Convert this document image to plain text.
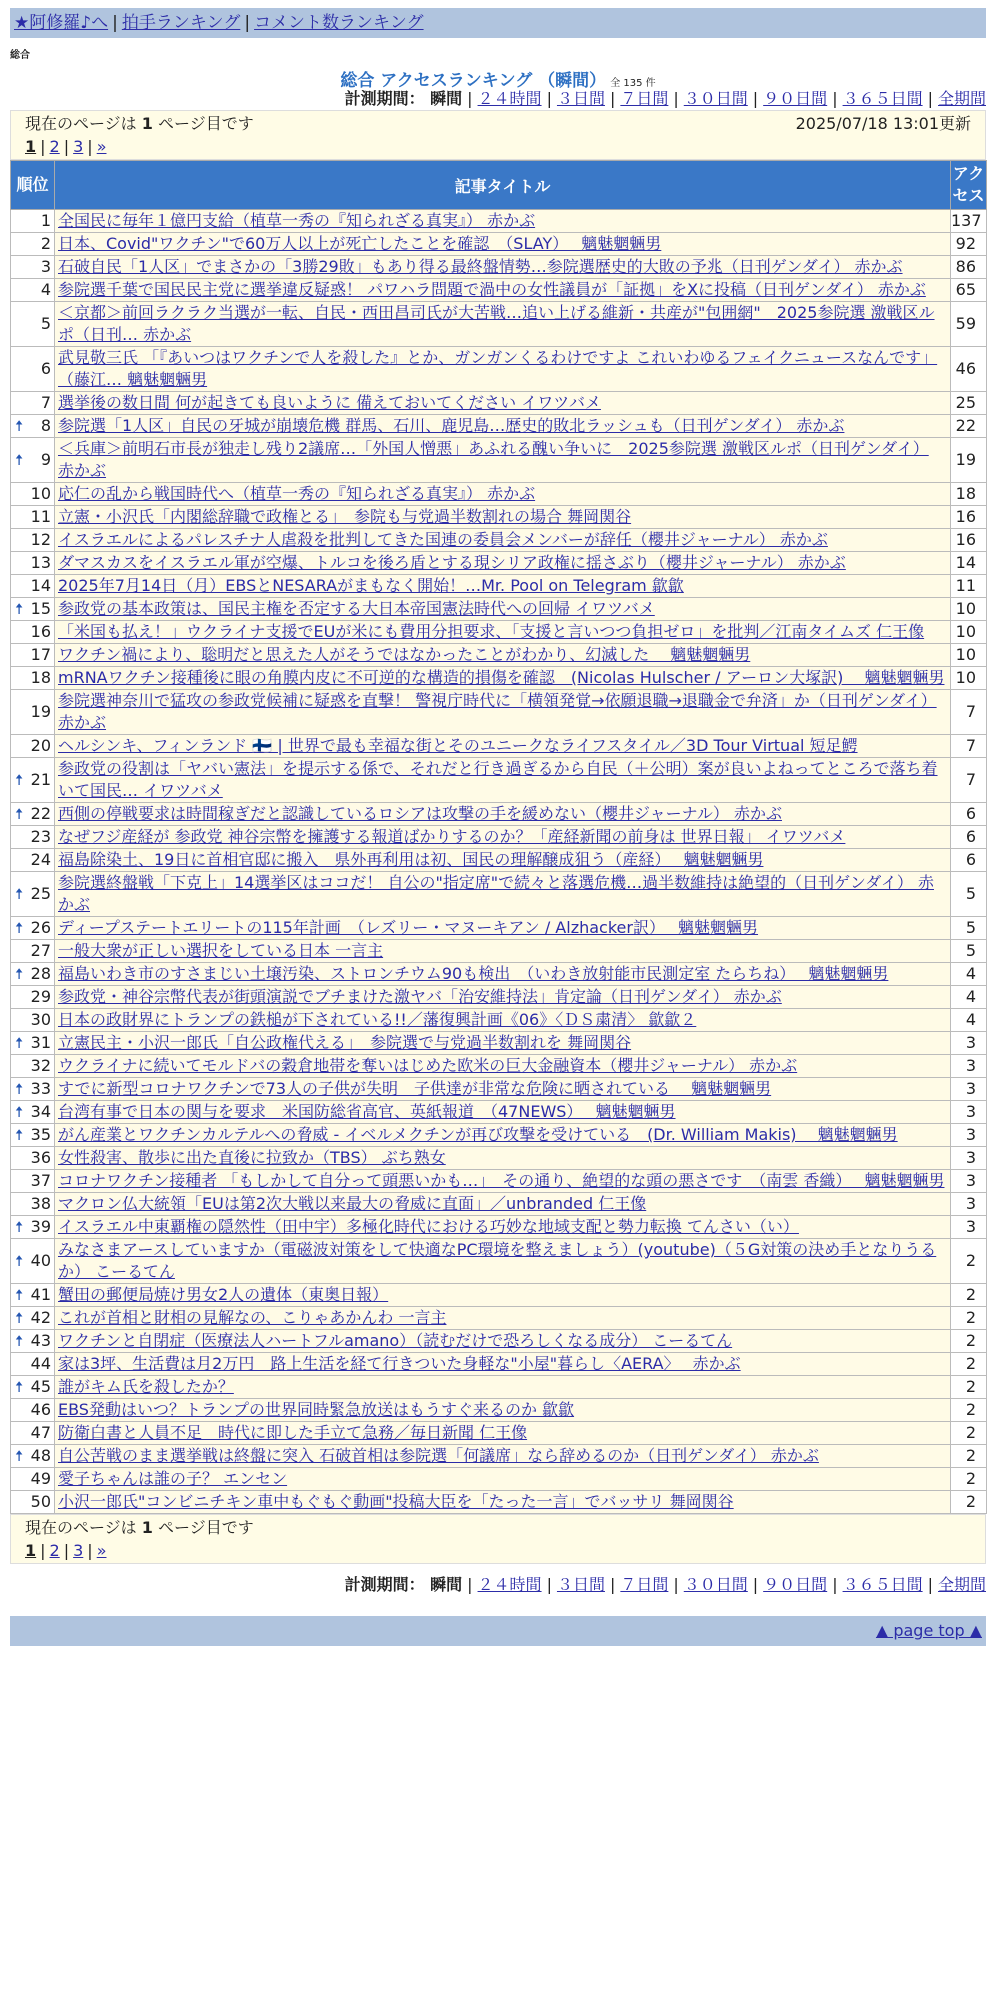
★阿修羅♪へ | 拍手ランキング | コメント数ランキング
総合
総合 アクセスランキング （瞬間） 全 135 件
計測期間： 瞬間 | ２４時間 | ３日間 | ７日間 | ３０日間 | ９０日間 | ３６５日間 | 全期間
現在のページは 1 ページ目です	2025/07/18 13:01更新
1 | 2 | 3 | »
順位	記事タイトル	アクセス
1	全国民に毎年１億円支給（植草一秀の『知られざる真実』） 赤かぶ	137
2	日本、Covid"ワクチン"で60万人以上が死亡したことを確認　（SLAY）　 魑魅魍魎男	92
3	石破自民「1人区」でまさかの「3勝29敗」もあり得る最終盤情勢…参院選歴史的大敗の予兆（日刊ゲンダイ） 赤かぶ	86
4	参院選千葉で国民民主党に選挙違反疑惑！ パワハラ問題で渦中の女性議員が「証拠」をXに投稿（日刊ゲンダイ） 赤かぶ	65
5	＜京都＞前回ラクラク当選が一転、自民・西田昌司氏が大苦戦…追い上げる維新・共産が"包囲網"　2025参院選 激戦区ルポ（日刊… 赤かぶ	59
6	武見敬三氏 「『あいつはワクチンで人を殺した』とか、ガンガンくるわけですよ これいわゆるフェイクニュースなんです」（藤江… 魑魅魍魎男	46
7	選挙後の数日間 何が起きても良いように 備えておいてください イワツバメ	25

🠅 8	参院選「1人区」自民の牙城が崩壊危機 群馬、石川、鹿児島…歴史的敗北ラッシュも（日刊ゲンダイ） 赤かぶ	22

🠅 9	＜兵庫＞前明石市長が独走し残り2議席…「外国人憎悪」あふれる醜い争いに　2025参院選 激戦区ルポ（日刊ゲンダイ） 赤かぶ	19
10	応仁の乱から戦国時代へ（植草一秀の『知られざる真実』） 赤かぶ	18
11	立憲・小沢氏「内閣総辞職で政権とる」　参院も与党過半数割れの場合 舞岡関谷	16
12	イスラエルによるパレスチナ人虐殺を批判してきた国連の委員会メンバーが辞任（櫻井ジャーナル） 赤かぶ	16
13	ダマスカスをイスラエル軍が空爆、トルコを後ろ盾とする現シリア政権に揺さぶり（櫻井ジャーナル） 赤かぶ	14
14	2025年7月14日（月）EBSとNESARAがまもなく開始！…Mr. Pool on Telegram 歙歙	11

🠅 15	参政党の基本政策は、国民主権を否定する大日本帝国憲法時代への回帰 イワツバメ	10
16	「米国も払え！」ウクライナ支援でEUが米にも費用分担要求、「支援と言いつつ負担ゼロ」を批判／江南タイムズ 仁王像	10
17	ワクチン禍により、聡明だと思えた人がそうではなかったことがわかり、幻滅した　 魑魅魍魎男	10
18	mRNAワクチン接種後に眼の角膜内皮に不可逆的な構造的損傷を確認　(Nicolas Hulscher / アーロン大塚訳)　 魑魅魍魎男	10
19	参院選神奈川で猛攻の参政党候補に疑惑を直撃！ 警視庁時代に「横領発覚→依願退職→退職金で弁済」か（日刊ゲンダイ） 赤かぶ	7
20	ヘルシンキ、フィンランド 🇫🇮 | 世界で最も幸福な街とそのユニークなライフスタイル／3D Tour Virtual 短足鰐	7

🠅 21	参政党の役割は「ヤバい憲法」を提示する係で、それだと行き過ぎるから自民（＋公明）案が良いよねってところで落ち着いて国民… イワツバメ	7

🠅 22	西側の停戦要求は時間稼ぎだと認識しているロシアは攻撃の手を緩めない（櫻井ジャーナル） 赤かぶ	6
23	なぜフジ産経が 参政党 神谷宗幣を擁護する報道ばかりするのか？「産経新聞の前身は 世界日報」 イワツバメ	6
24	福島除染土、19日に首相官邸に搬入　県外再利用は初、国民の理解醸成狙う（産経）　 魑魅魍魎男	6

🠅 25	参院選終盤戦「下克上」14選挙区はココだ！ 自公の"指定席"で続々と落選危機…過半数維持は絶望的（日刊ゲンダイ） 赤かぶ	5

🠅 26	ディープステートエリートの115年計画　（レズリー・マヌーキアン / Alzhacker訳）　 魑魅魍魎男	5
27	一般大衆が正しい選択をしている日本 一言主	5

🠅 28	福島いわき市のすさまじい土壌汚染、ストロンチウム90も検出　（いわき放射能市民測定室 たらちね）　 魑魅魍魎男	4
29	参政党・神谷宗幣代表が街頭演説でブチまけた激ヤバ「治安維持法」肯定論（日刊ゲンダイ） 赤かぶ	4
30	日本の政財界にトランプの鉄槌が下されている!!／藩復興計画《06》〈ＤＳ粛清〉 歙歙２	4

🠅 31	立憲民主・小沢一郎氏「自公政権代える」　参院選で与党過半数割れを 舞岡関谷	3
32	ウクライナに続いてモルドバの穀倉地帯を奪いはじめた欧米の巨大金融資本（櫻井ジャーナル） 赤かぶ	3

🠅 33	すでに新型コロナワクチンで73人の子供が失明　子供達が非常な危険に晒されている　 魑魅魍魎男	3

🠅 34	台湾有事で日本の関与を要求　米国防総省高官、英紙報道　（47NEWS）　 魑魅魍魎男	3

🠅 35	がん産業とワクチンカルテルへの脅威 - イベルメクチンが再び攻撃を受けている　(Dr. William Makis)　 魑魅魍魎男	3
36	女性殺害、散歩に出た直後に拉致か（TBS） ぶち熟女	3
37	コロナワクチン接種者 「もしかして自分って頭悪いかも…」　その通り、絶望的な頭の悪さです　（南雲 香織）　 魑魅魍魎男	3
38	マクロン仏大統領「EUは第2次大戦以来最大の脅威に直面」／unbranded 仁王像	3

🠅 39	イスラエル中東覇権の隠然性（田中宇）多極化時代における巧妙な地域支配と勢力転換 てんさい（い）	3

🠅 40	みなさまアースしていますか（電磁波対策をして快適なPC環境を整えましょう）(youtube)（５G対策の決め手となりうるか） こーるてん	2

🠅 41	蟹田の郵便局焼け男女2人の遺体（東奥日報）	2

🠅 42	これが首相と財相の見解なの、こりゃあかんわ 一言主	2

🠅 43	ワクチンと自閉症（医療法人ハートフルamano）（読むだけで恐ろしくなる成分） こーるてん	2
44	家は3坪、生活費は月2万円　路上生活を経て行きついた身軽な"小屋"暮らし〈AERA〉　 赤かぶ	2

🠅 45	誰がキム氏を殺したか？	2
46	EBS発動はいつ？トランプの世界同時緊急放送はもうすぐ来るのか 歙歙	2
47	防衛白書と人員不足　時代に即した手立て急務／毎日新聞 仁王像	2

🠅 48	自公苦戦のまま選挙戦は終盤に突入 石破首相は参院選「何議席」なら辞めるのか（日刊ゲンダイ） 赤かぶ	2
49	愛子ちゃんは誰の子？ エンセン	2
50	小沢一郎氏"コンビニチキン車中もぐもぐ動画"投稿大臣を「たった一言」でバッサリ 舞岡関谷	2
現在のページは 1 ページ目です
1 | 2 | 3 | »
計測期間： 瞬間 | ２４時間 | ３日間 | ７日間 | ３０日間 | ９０日間 | ３６５日間 | 全期間
▲ page top ▲
